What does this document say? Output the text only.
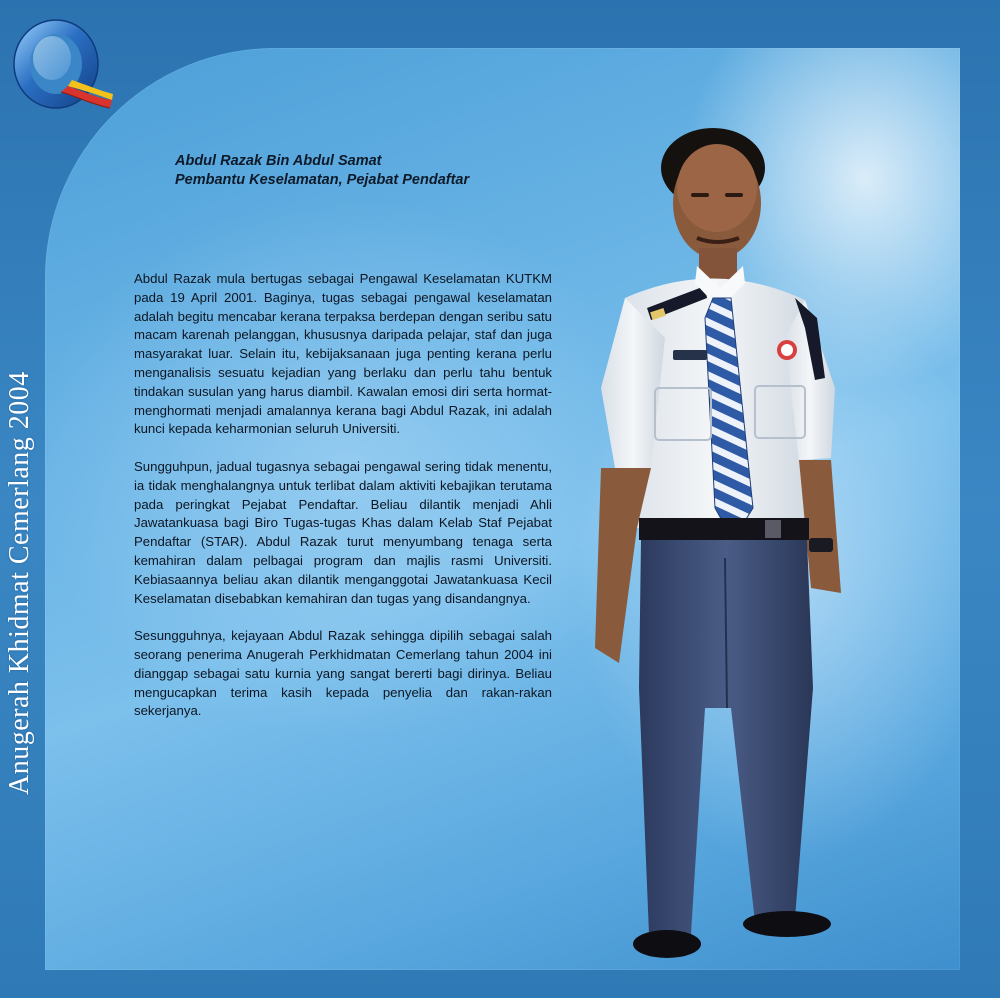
Anugerah Khidmat Cemerlang 2004
Abdul Razak Bin Abdul Samat
Pembantu Keselamatan, Pejabat Pendaftar

Abdul Razak mula bertugas sebagai Pengawal Keselamatan KUTKM pada 19 April 2001. Baginya, tugas sebagai pengawal keselamatan adalah begitu mencabar kerana terpaksa berdepan dengan seribu satu macam karenah pelanggan, khususnya daripada pelajar, staf dan juga masyarakat luar. Selain itu, kebijaksanaan juga penting kerana perlu menganalisis sesuatu kejadian yang berlaku dan perlu tahu bentuk tindakan susulan yang harus diambil. Kawalan emosi diri serta hormat-menghormati menjadi amalannya kerana bagi Abdul Razak, ini adalah kunci kepada keharmonian seluruh Universiti.

Sungguhpun, jadual tugasnya sebagai pengawal sering tidak menentu, ia tidak menghalangnya untuk terlibat dalam aktiviti kebajikan terutama pada peringkat Pejabat Pendaftar. Beliau dilantik menjadi Ahli Jawatankuasa bagi Biro Tugas-tugas Khas dalam Kelab Staf Pejabat Pendaftar (STAR). Abdul Razak turut menyumbang tenaga serta kemahiran dalam pelbagai program dan majlis rasmi Universiti. Kebiasaannya beliau akan dilantik menganggotai Jawatankuasa Kecil Keselamatan disebabkan kemahiran dan tugas yang disandangnya.

Sesungguhnya, kejayaan Abdul Razak sehingga dipilih sebagai salah seorang penerima Anugerah Perkhidmatan Cemerlang tahun 2004 ini dianggap sebagai satu kurnia yang sangat bererti bagi dirinya. Beliau mengucapkan terima kasih kepada penyelia dan rakan-rakan sekerjanya.
